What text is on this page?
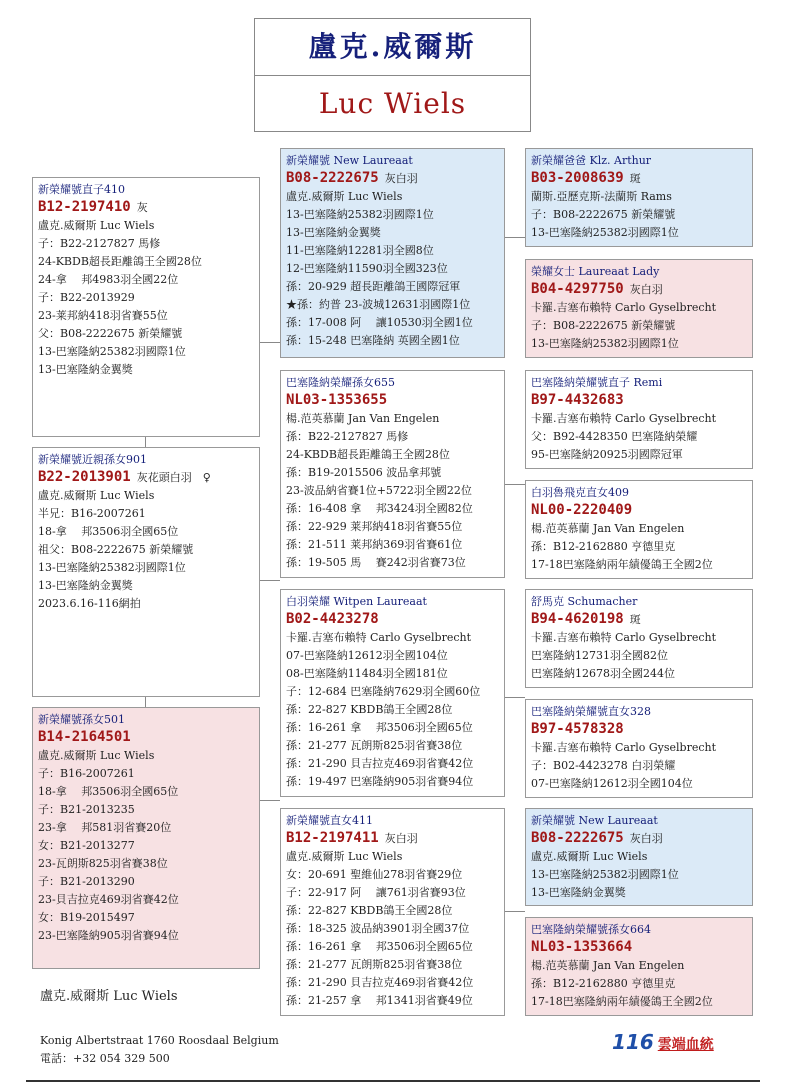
盧克.威爾斯
Luc Wiels
新榮耀號直子410
B12-2197410 灰
盧克.威爾斯 Luc Wiels
子：B22-2127827 馬修
24-KBDB超長距離鴿王全國28位
24-拿　 邦4983羽全國22位
子：B22-2013929
23-莱邦納418羽省賽55位
父：B08-2222675 新榮耀號
13-巴塞隆納25382羽國際1位
13-巴塞隆納金翼獎
新榮耀號近親孫女901
B22-2013901 灰花頭白羽　♀
盧克.威爾斯 Luc Wiels
半兄：B16-2007261
18-拿　 邦3506羽全國65位
祖父：B08-2222675 新榮耀號
13-巴塞隆納25382羽國際1位
13-巴塞隆納金翼獎
2023.6.16-116網拍
新榮耀號孫女501
B14-2164501
盧克.威爾斯 Luc Wiels
子：B16-2007261
18-拿　 邦3506羽全國65位
子：B21-2013235
23-拿　 邦581羽省賽20位
女：B21-2013277
23-瓦朗斯825羽省賽38位
子：B21-2013290
23-貝吉拉克469羽省賽42位
女：B19-2015497
23-巴塞隆納905羽省賽94位
新榮耀號 New Laureaat
B08-2222675 灰白羽
盧克.威爾斯 Luc Wiels
13-巴塞隆納25382羽國際1位
13-巴塞隆納金翼獎
11-巴塞隆納12281羽全國8位
12-巴塞隆納11590羽全國323位
孫：20-929 超長距離鴿王國際冠軍
★孫：約普 23-波城12631羽國際1位
孫：17-008 阿　 讓10530羽全國1位
孫：15-248 巴塞隆納 英國全國1位
巴塞隆納榮耀孫女655
NL03-1353655
楊.范英慕蘭 Jan Van Engelen
孫：B22-2127827 馬修
24-KBDB超長距離鴿王全國28位
孫：B19-2015506 波品拿邦號
23-波品納省賽1位+5722羽全國22位
孫：16-408 拿　 邦3424羽全國82位
孫：22-929 莱邦納418羽省賽55位
孫：21-511 莱邦納369羽省賽61位
孫：19-505 馬　 賽242羽省賽73位
白羽榮耀 Witpen Laureaat
B02-4423278
卡羅.吉塞布賴特 Carlo Gyselbrecht
07-巴塞隆納12612羽全國104位
08-巴塞隆納11484羽全國181位
子：12-684 巴塞隆納7629羽全國60位
孫：22-827 KBDB鴿王全國28位
孫：16-261 拿　 邦3506羽全國65位
孫：21-277 瓦朗斯825羽省賽38位
孫：21-290 貝吉拉克469羽省賽42位
孫：19-497 巴塞隆納905羽省賽94位
新榮耀號直女411
B12-2197411 灰白羽
盧克.威爾斯 Luc Wiels
女：20-691 聖維仙278羽省賽29位
子：22-917 阿　 讓761羽省賽93位
孫：22-827 KBDB鴿王全國28位
孫：18-325 波品納3901羽全國37位
孫：16-261 拿　 邦3506羽全國65位
孫：21-277 瓦朗斯825羽省賽38位
孫：21-290 貝吉拉克469羽省賽42位
孫：21-257 拿　 邦1341羽省賽49位
新榮耀爸爸 Klz. Arthur
B03-2008639 斑
蘭斯.亞歷克斯-法蘭斯 Rams
子：B08-2222675 新榮耀號
13-巴塞隆納25382羽國際1位
榮耀女士 Laureaat Lady
B04-4297750 灰白羽
卡羅.吉塞布賴特 Carlo Gyselbrecht
子：B08-2222675 新榮耀號
13-巴塞隆納25382羽國際1位
巴塞隆納榮耀號直子 Remi
B97-4432683
卡羅.吉塞布賴特 Carlo Gyselbrecht
父：B92-4428350 巴塞隆納榮耀
95-巴塞隆納20925羽國際冠軍
白羽魯飛克直女409
NL00-2220409
楊.范英慕蘭 Jan Van Engelen
孫：B12-2162880 亨德里克
17-18巴塞隆納兩年績優鴿王全國2位
舒馬克 Schumacher
B94-4620198 斑
卡羅.吉塞布賴特 Carlo Gyselbrecht
巴塞隆納12731羽全國82位
巴塞隆納12678羽全國244位
巴塞隆納榮耀號直女328
B97-4578328
卡羅.吉塞布賴特 Carlo Gyselbrecht
子：B02-4423278 白羽榮耀
07-巴塞隆納12612羽全國104位
新榮耀號 New Laureaat
B08-2222675 灰白羽
盧克.威爾斯 Luc Wiels
13-巴塞隆納25382羽國際1位
13-巴塞隆納金翼獎
巴塞隆納榮耀號孫女664
NL03-1353664
楊.范英慕蘭 Jan Van Engelen
孫：B12-2162880 亨德里克
17-18巴塞隆納兩年績優鴿王全國2位
盧克.威爾斯 Luc Wiels
Konig Albertstraat 1760 Roosdaal Belgium
電話：+32 054 329 500
116 雲端血統
